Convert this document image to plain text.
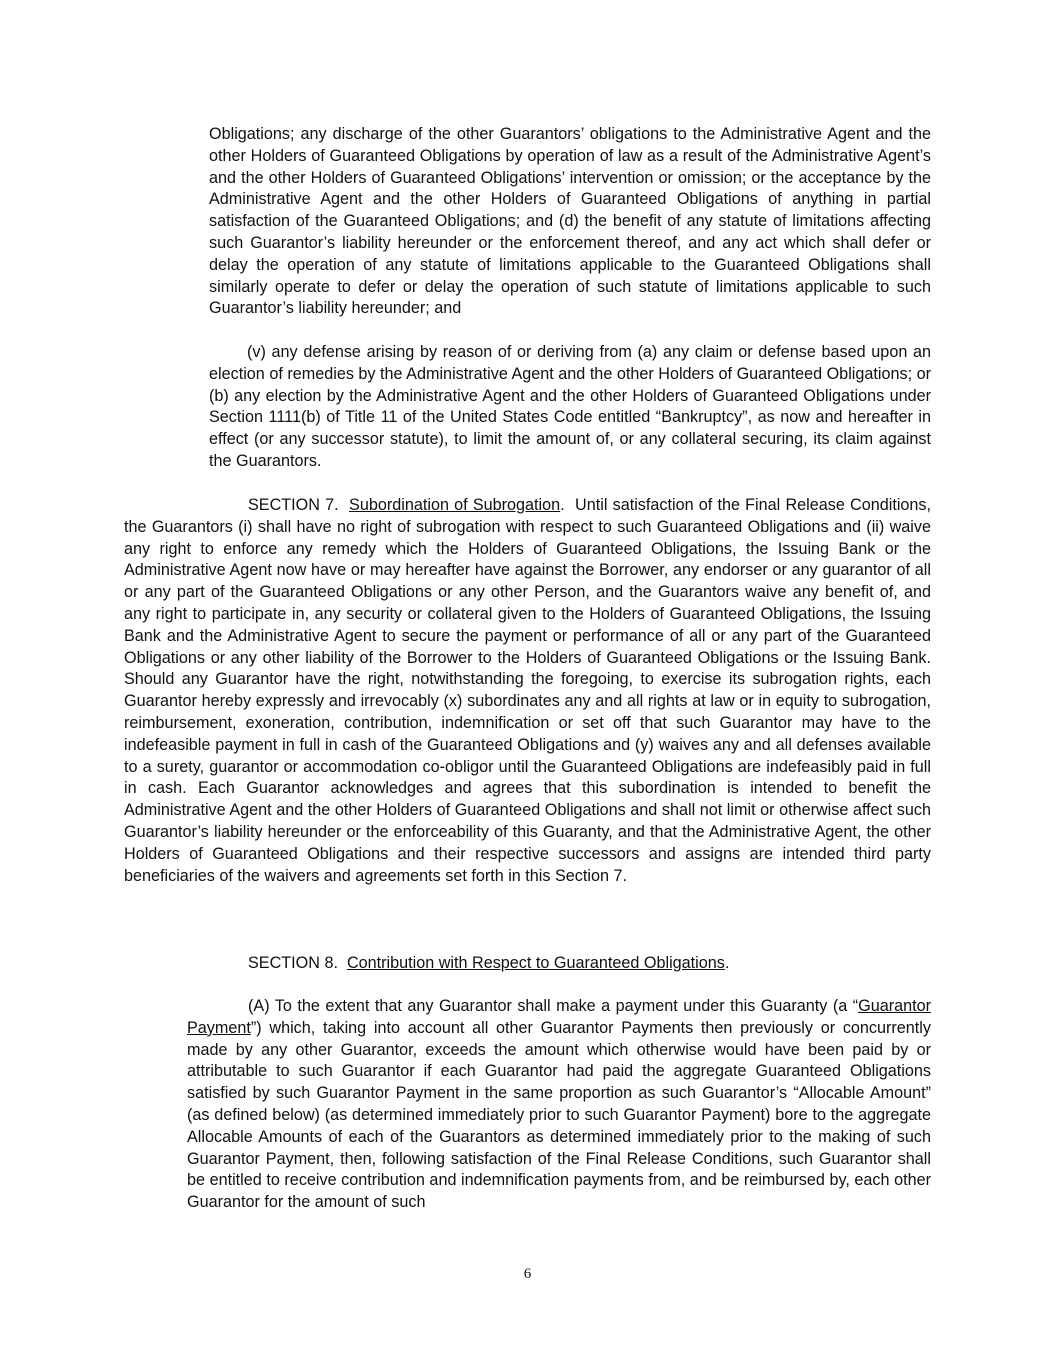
Obligations; any discharge of the other Guarantors’ obligations to the Administrative Agent and the other Holders of Guaranteed Obligations by operation of law as a result of the Administrative Agent’s and the other Holders of Guaranteed Obligations’ intervention or omission; or the acceptance by the Administrative Agent and the other Holders of Guaranteed Obligations of anything in partial satisfaction of the Guaranteed Obligations; and (d) the benefit of any statute of limitations affecting such Guarantor’s liability hereunder or the enforcement thereof, and any act which shall defer or delay the operation of any statute of limitations applicable to the Guaranteed Obligations shall similarly operate to defer or delay the operation of such statute of limitations applicable to such Guarantor’s liability hereunder; and

(v) any defense arising by reason of or deriving from (a) any claim or defense based upon an election of remedies by the Administrative Agent and the other Holders of Guaranteed Obligations; or (b) any election by the Administrative Agent and the other Holders of Guaranteed Obligations under Section 1111(b) of Title 11 of the United States Code entitled “Bankruptcy”, as now and hereafter in effect (or any successor statute), to limit the amount of, or any collateral securing, its claim against the Guarantors.

SECTION 7. Subordination of Subrogation. Until satisfaction of the Final Release Conditions, the Guarantors (i) shall have no right of subrogation with respect to such Guaranteed Obligations and (ii) waive any right to enforce any remedy which the Holders of Guaranteed Obligations, the Issuing Bank or the Administrative Agent now have or may hereafter have against the Borrower, any endorser or any guarantor of all or any part of the Guaranteed Obligations or any other Person, and the Guarantors waive any benefit of, and any right to participate in, any security or collateral given to the Holders of Guaranteed Obligations, the Issuing Bank and the Administrative Agent to secure the payment or performance of all or any part of the Guaranteed Obligations or any other liability of the Borrower to the Holders of Guaranteed Obligations or the Issuing Bank. Should any Guarantor have the right, notwithstanding the foregoing, to exercise its subrogation rights, each Guarantor hereby expressly and irrevocably (x) subordinates any and all rights at law or in equity to subrogation, reimbursement, exoneration, contribution, indemnification or set off that such Guarantor may have to the indefeasible payment in full in cash of the Guaranteed Obligations and (y) waives any and all defenses available to a surety, guarantor or accommodation co-obligor until the Guaranteed Obligations are indefeasibly paid in full in cash. Each Guarantor acknowledges and agrees that this subordination is intended to benefit the Administrative Agent and the other Holders of Guaranteed Obligations and shall not limit or otherwise affect such Guarantor’s liability hereunder or the enforceability of this Guaranty, and that the Administrative Agent, the other Holders of Guaranteed Obligations and their respective successors and assigns are intended third party beneficiaries of the waivers and agreements set forth in this Section 7.

SECTION 8. Contribution with Respect to Guaranteed Obligations.

(A) To the extent that any Guarantor shall make a payment under this Guaranty (a “Guarantor Payment”) which, taking into account all other Guarantor Payments then previously or concurrently made by any other Guarantor, exceeds the amount which otherwise would have been paid by or attributable to such Guarantor if each Guarantor had paid the aggregate Guaranteed Obligations satisfied by such Guarantor Payment in the same proportion as such Guarantor’s “Allocable Amount” (as defined below) (as determined immediately prior to such Guarantor Payment) bore to the aggregate Allocable Amounts of each of the Guarantors as determined immediately prior to the making of such Guarantor Payment, then, following satisfaction of the Final Release Conditions, such Guarantor shall be entitled to receive contribution and indemnification payments from, and be reimbursed by, each other Guarantor for the amount of such

6
